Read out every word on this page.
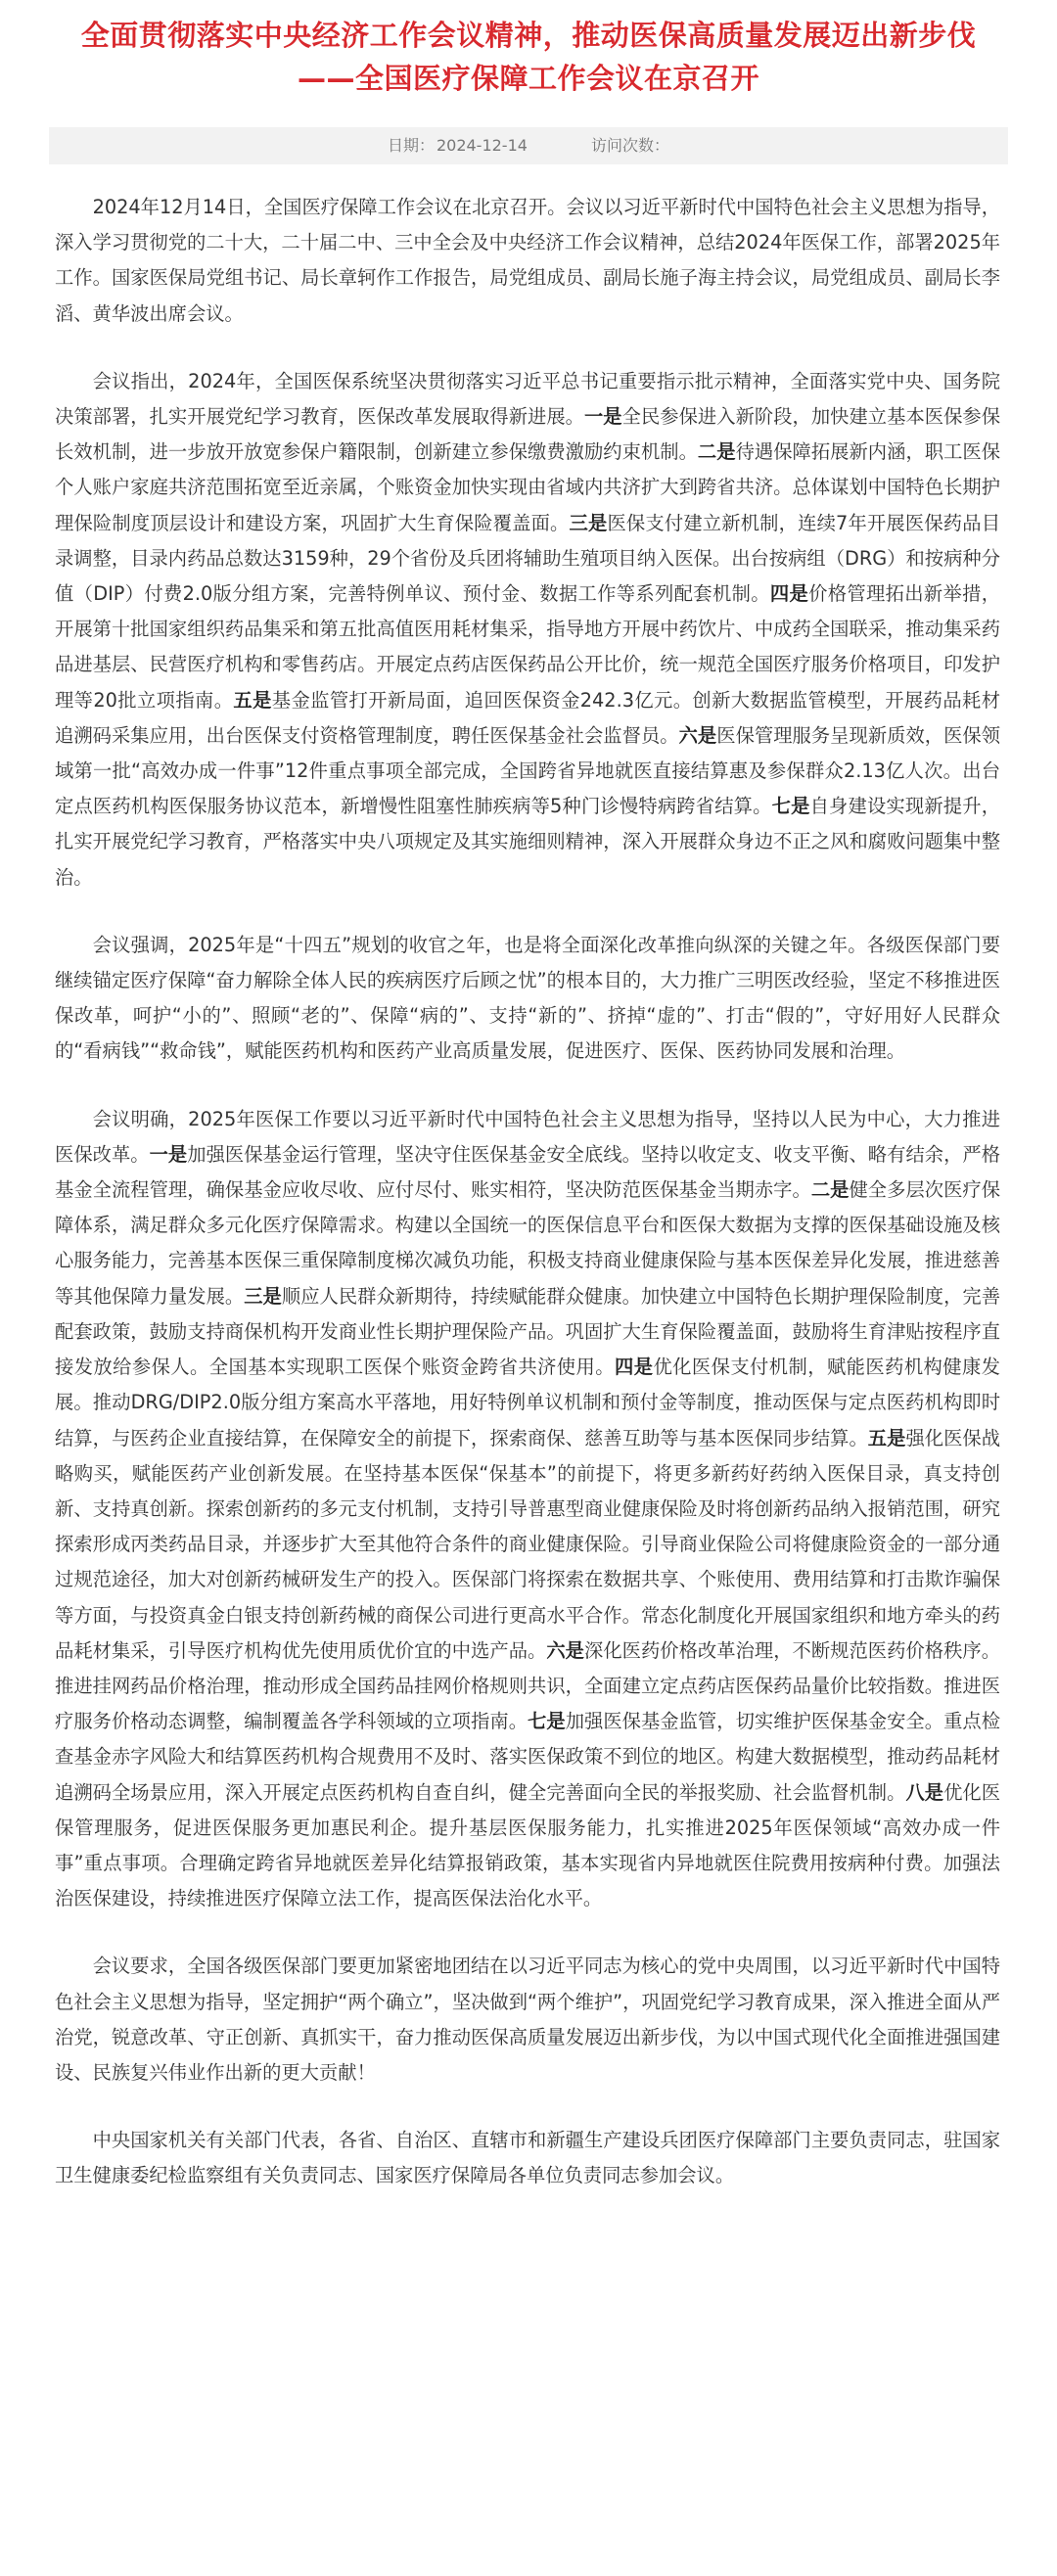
全面贯彻落实中央经济工作会议精神，推动医保高质量发展迈出新步伐
——全国医疗保障工作会议在京召开
日期： 2024-12-14	访问次数：

2024年12月14日，全国医疗保障工作会议在北京召开。会议以习近平新时代中国特色社会主义思想为指导，深入学习贯彻党的二十大，二十届二中、三中全会及中央经济工作会议精神，总结2024年医保工作，部署2025年工作。国家医保局党组书记、局长章轲作工作报告，局党组成员、副局长施子海主持会议，局党组成员、副局长李滔、黄华波出席会议。

会议指出，2024年，全国医保系统坚决贯彻落实习近平总书记重要指示批示精神，全面落实党中央、国务院决策部署，扎实开展党纪学习教育，医保改革发展取得新进展。一是全民参保进入新阶段，加快建立基本医保参保长效机制，进一步放开放宽参保户籍限制，创新建立参保缴费激励约束机制。二是待遇保障拓展新内涵，职工医保个人账户家庭共济范围拓宽至近亲属，个账资金加快实现由省域内共济扩大到跨省共济。总体谋划中国特色长期护理保险制度顶层设计和建设方案，巩固扩大生育保险覆盖面。三是医保支付建立新机制，连续7年开展医保药品目录调整，目录内药品总数达3159种，29个省份及兵团将辅助生殖项目纳入医保。出台按病组（DRG）和按病种分值（DIP）付费2.0版分组方案，完善特例单议、预付金、数据工作等系列配套机制。四是价格管理拓出新举措，开展第十批国家组织药品集采和第五批高值医用耗材集采，指导地方开展中药饮片、中成药全国联采，推动集采药品进基层、民营医疗机构和零售药店。开展定点药店医保药品公开比价，统一规范全国医疗服务价格项目，印发护理等20批立项指南。五是基金监管打开新局面，追回医保资金242.3亿元。创新大数据监管模型，开展药品耗材追溯码采集应用，出台医保支付资格管理制度，聘任医保基金社会监督员。六是医保管理服务呈现新质效，医保领域第一批“高效办成一件事”12件重点事项全部完成，全国跨省异地就医直接结算惠及参保群众2.13亿人次。出台定点医药机构医保服务协议范本，新增慢性阻塞性肺疾病等5种门诊慢特病跨省结算。七是自身建设实现新提升，扎实开展党纪学习教育，严格落实中央八项规定及其实施细则精神，深入开展群众身边不正之风和腐败问题集中整治。

会议强调，2025年是“十四五”规划的收官之年，也是将全面深化改革推向纵深的关键之年。各级医保部门要继续锚定医疗保障“奋力解除全体人民的疾病医疗后顾之忧”的根本目的，大力推广三明医改经验，坚定不移推进医保改革，呵护“小的”、照顾“老的”、保障“病的”、支持“新的”、挤掉“虚的”、打击“假的”，守好用好人民群众的“看病钱”“救命钱”，赋能医药机构和医药产业高质量发展，促进医疗、医保、医药协同发展和治理。

会议明确，2025年医保工作要以习近平新时代中国特色社会主义思想为指导，坚持以人民为中心，大力推进医保改革。一是加强医保基金运行管理，坚决守住医保基金安全底线。坚持以收定支、收支平衡、略有结余，严格基金全流程管理，确保基金应收尽收、应付尽付、账实相符，坚决防范医保基金当期赤字。二是健全多层次医疗保障体系，满足群众多元化医疗保障需求。构建以全国统一的医保信息平台和医保大数据为支撑的医保基础设施及核心服务能力，完善基本医保三重保障制度梯次减负功能，积极支持商业健康保险与基本医保差异化发展，推进慈善等其他保障力量发展。三是顺应人民群众新期待，持续赋能群众健康。加快建立中国特色长期护理保险制度，完善配套政策，鼓励支持商保机构开发商业性长期护理保险产品。巩固扩大生育保险覆盖面，鼓励将生育津贴按程序直接发放给参保人。全国基本实现职工医保个账资金跨省共济使用。四是优化医保支付机制，赋能医药机构健康发展。推动DRG/DIP2.0版分组方案高水平落地，用好特例单议机制和预付金等制度，推动医保与定点医药机构即时结算，与医药企业直接结算，在保障安全的前提下，探索商保、慈善互助等与基本医保同步结算。五是强化医保战略购买，赋能医药产业创新发展。在坚持基本医保“保基本”的前提下，将更多新药好药纳入医保目录，真支持创新、支持真创新。探索创新药的多元支付机制，支持引导普惠型商业健康保险及时将创新药品纳入报销范围，研究探索形成丙类药品目录，并逐步扩大至其他符合条件的商业健康保险。引导商业保险公司将健康险资金的一部分通过规范途径，加大对创新药械研发生产的投入。医保部门将探索在数据共享、个账使用、费用结算和打击欺诈骗保等方面，与投资真金白银支持创新药械的商保公司进行更高水平合作。常态化制度化开展国家组织和地方牵头的药品耗材集采，引导医疗机构优先使用质优价宜的中选产品。六是深化医药价格改革治理，不断规范医药价格秩序。推进挂网药品价格治理，推动形成全国药品挂网价格规则共识，全面建立定点药店医保药品量价比较指数。推进医疗服务价格动态调整，编制覆盖各学科领域的立项指南。七是加强医保基金监管，切实维护医保基金安全。重点检查基金赤字风险大和结算医药机构合规费用不及时、落实医保政策不到位的地区。构建大数据模型，推动药品耗材追溯码全场景应用，深入开展定点医药机构自查自纠，健全完善面向全民的举报奖励、社会监督机制。八是优化医保管理服务，促进医保服务更加惠民利企。提升基层医保服务能力，扎实推进2025年医保领域“高效办成一件事”重点事项。合理确定跨省异地就医差异化结算报销政策，基本实现省内异地就医住院费用按病种付费。加强法治医保建设，持续推进医疗保障立法工作，提高医保法治化水平。

会议要求，全国各级医保部门要更加紧密地团结在以习近平同志为核心的党中央周围，以习近平新时代中国特色社会主义思想为指导，坚定拥护“两个确立”，坚决做到“两个维护”，巩固党纪学习教育成果，深入推进全面从严治党，锐意改革、守正创新、真抓实干，奋力推动医保高质量发展迈出新步伐，为以中国式现代化全面推进强国建设、民族复兴伟业作出新的更大贡献！

中央国家机关有关部门代表，各省、自治区、直辖市和新疆生产建设兵团医疗保障部门主要负责同志，驻国家卫生健康委纪检监察组有关负责同志、国家医疗保障局各单位负责同志参加会议。
